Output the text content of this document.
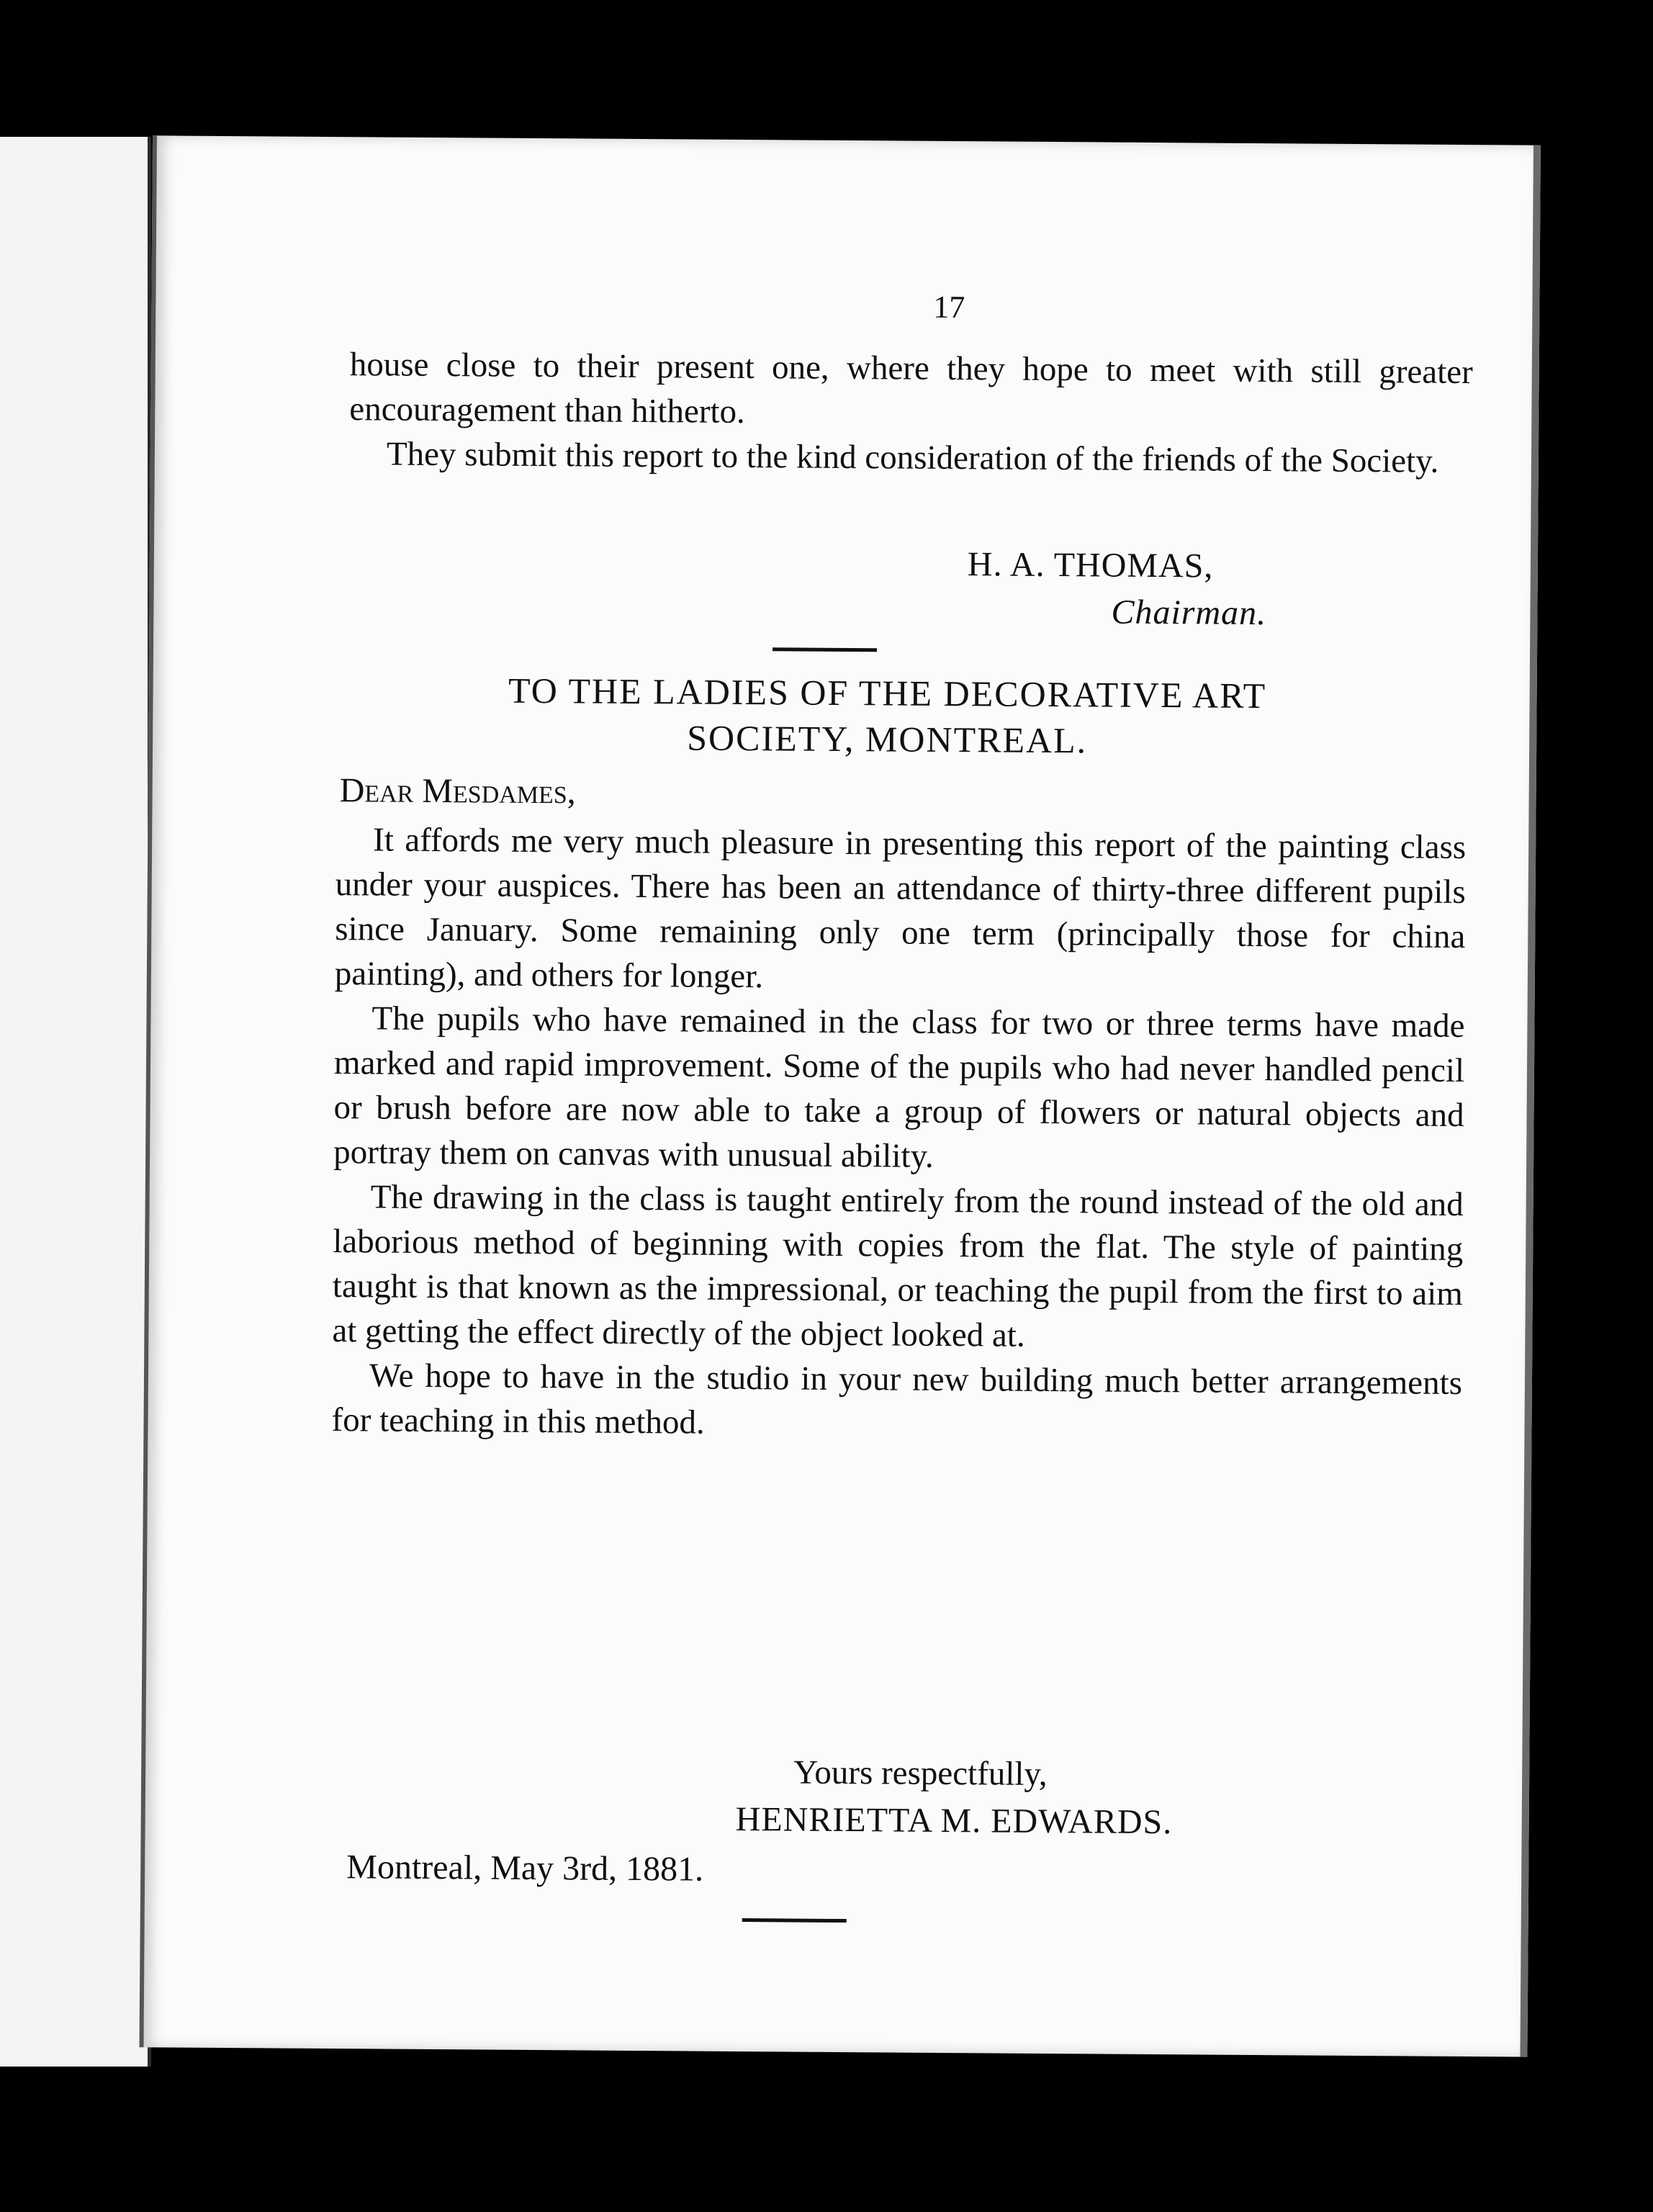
17

house close to their present one, where they hope to meet with still greater encouragement than hitherto.

They submit this report to the kind consideration of the friends of the Society.

H. A. THOMAS,
Chairman.
TO THE LADIES OF THE DECORATIVE ART
SOCIETY, MONTREAL.
Dear Mesdames,

It affords me very much pleasure in presenting this report of the painting class under your auspices. There has been an attendance of thirty-three different pupils since January. Some remaining only one term (principally those for china painting), and others for longer.

The pupils who have remained in the class for two or three terms have made marked and rapid improvement. Some of the pupils who had never handled pencil or brush before are now able to take a group of flowers or natural objects and portray them on canvas with unusual ability.

The drawing in the class is taught entirely from the round instead of the old and laborious method of beginning with copies from the flat. The style of painting taught is that known as the impressional, or teaching the pupil from the first to aim at getting the effect directly of the object looked at.

We hope to have in the studio in your new building much better arrangements for teaching in this method.

Yours respectfully,
HENRIETTA M. EDWARDS.
Montreal, May 3rd, 1881.
